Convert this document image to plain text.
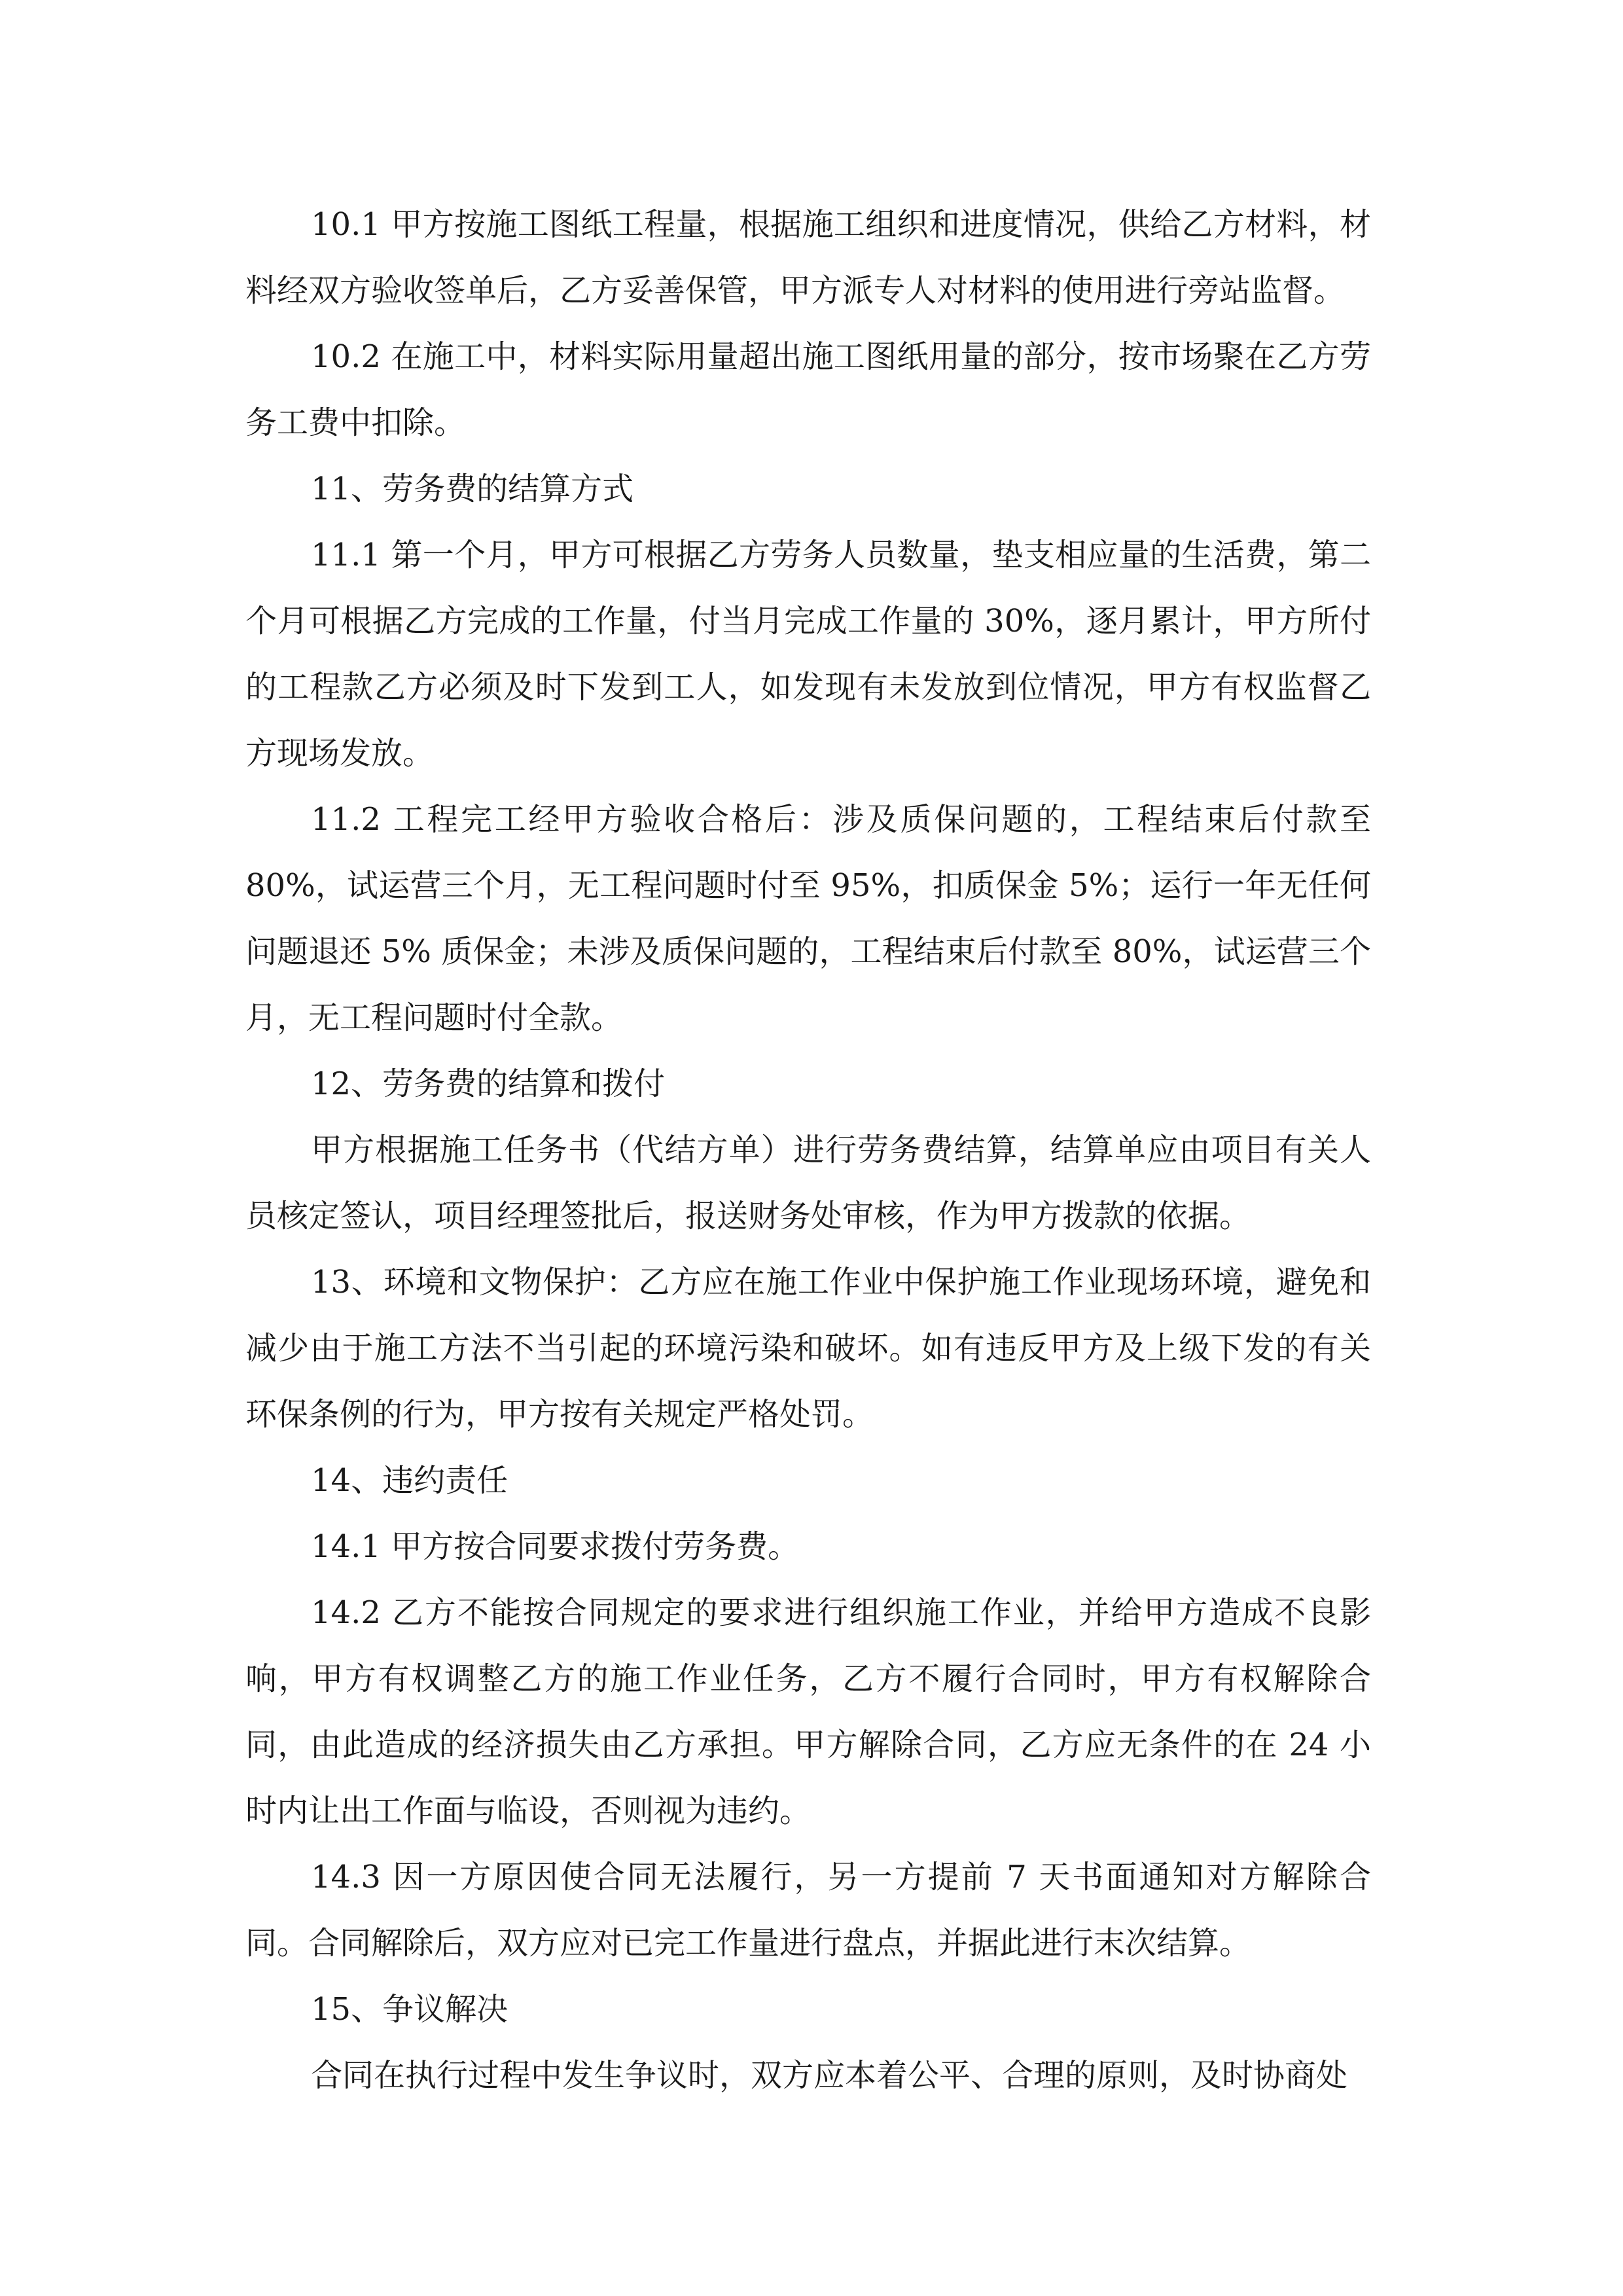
10.1 甲方按施工图纸工程量，根据施工组织和进度情况，供给乙方材料，材料经双方验收签单后，乙方妥善保管，甲方派专人对材料的使用进行旁站监督。

10.2 在施工中，材料实际用量超出施工图纸用量的部分，按市场聚在乙方劳务工费中扣除。

11、劳务费的结算方式

11.1 第一个月，甲方可根据乙方劳务人员数量，垫支相应量的生活费，第二个月可根据乙方完成的工作量，付当月完成工作量的 30%，逐月累计，甲方所付的工程款乙方必须及时下发到工人，如发现有未发放到位情况，甲方有权监督乙方现场发放。

11.2 工程完工经甲方验收合格后：涉及质保问题的，工程结束后付款至 80%，试运营三个月，无工程问题时付至 95%，扣质保金 5%；运行一年无任何问题退还 5% 质保金；未涉及质保问题的，工程结束后付款至 80%，试运营三个月，无工程问题时付全款。

12、劳务费的结算和拨付

甲方根据施工任务书（代结方单）进行劳务费结算，结算单应由项目有关人员核定签认，项目经理签批后，报送财务处审核，作为甲方拨款的依据。

13、环境和文物保护：乙方应在施工作业中保护施工作业现场环境，避免和减少由于施工方法不当引起的环境污染和破坏。如有违反甲方及上级下发的有关环保条例的行为，甲方按有关规定严格处罚。

14、违约责任

14.1 甲方按合同要求拨付劳务费。

14.2 乙方不能按合同规定的要求进行组织施工作业，并给甲方造成不良影响，甲方有权调整乙方的施工作业任务，乙方不履行合同时，甲方有权解除合同，由此造成的经济损失由乙方承担。甲方解除合同，乙方应无条件的在 24 小时内让出工作面与临设，否则视为违约。

14.3 因一方原因使合同无法履行，另一方提前 7 天书面通知对方解除合同。合同解除后，双方应对已完工作量进行盘点，并据此进行末次结算。

15、争议解决

合同在执行过程中发生争议时，双方应本着公平、合理的原则，及时协商处
